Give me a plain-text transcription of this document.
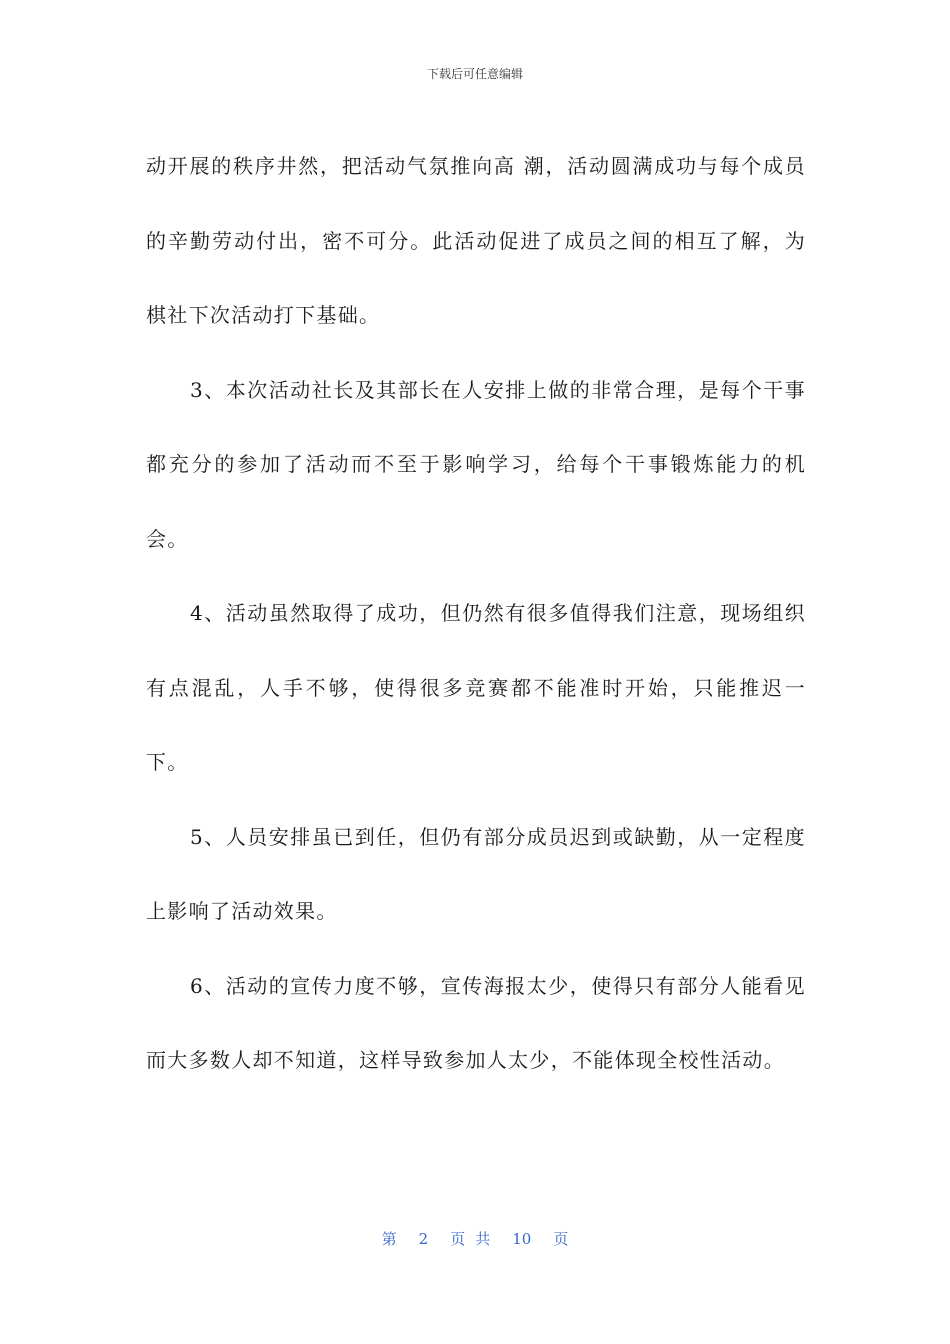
下载后可任意编辑

动开展的秩序井然，把活动气氛推向高 潮，活动圆满成功与每个成员的辛勤劳动付出，密不可分。此活动促进了成员之间的相互了解，为棋社下次活动打下基础。

3、本次活动社长及其部长在人安排上做的非常合理，是每个干事都充分的参加了活动而不至于影响学习，给每个干事锻炼能力的机会。

4、活动虽然取得了成功，但仍然有很多值得我们注意，现场组织有点混乱，人手不够，使得很多竞赛都不能准时开始，只能推迟一下。

5、人员安排虽已到任，但仍有部分成员迟到或缺勤，从一定程度上影响了活动效果。

6、活动的宣传力度不够，宣传海报太少，使得只有部分人能看见而大多数人却不知道，这样导致参加人太少，不能体现全校性活动。

第 2 页共 10 页
